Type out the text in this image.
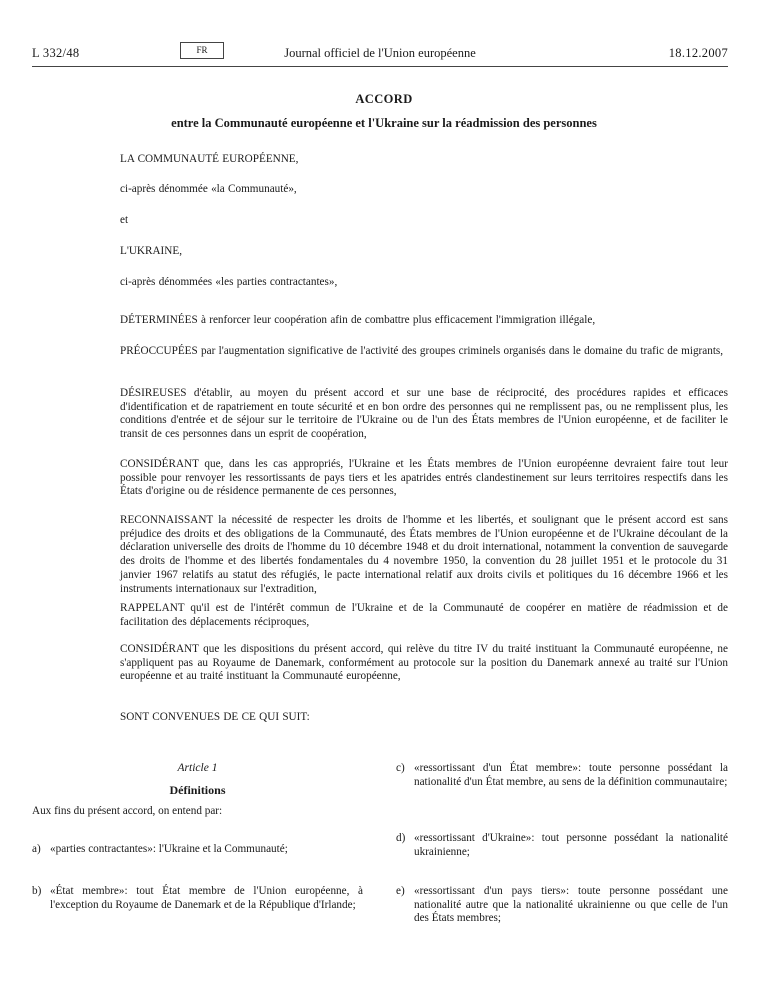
L 332/48	FR	Journal officiel de l'Union européenne	18.12.2007
ACCORD
entre la Communauté européenne et l'Ukraine sur la réadmission des personnes
LA COMMUNAUTÉ EUROPÉENNE,
ci-après dénommée «la Communauté»,
et
L'UKRAINE,
ci-après dénommées «les parties contractantes»,
DÉTERMINÉES à renforcer leur coopération afin de combattre plus efficacement l'immigration illégale,
PRÉOCCUPÉES par l'augmentation significative de l'activité des groupes criminels organisés dans le domaine du trafic de migrants,
DÉSIREUSES d'établir, au moyen du présent accord et sur une base de réciprocité, des procédures rapides et efficaces d'identification et de rapatriement en toute sécurité et en bon ordre des personnes qui ne remplissent pas, ou ne remplissent plus, les conditions d'entrée et de séjour sur le territoire de l'Ukraine ou de l'un des États membres de l'Union européenne, et de faciliter le transit de ces personnes dans un esprit de coopération,
CONSIDÉRANT que, dans les cas appropriés, l'Ukraine et les États membres de l'Union européenne devraient faire tout leur possible pour renvoyer les ressortissants de pays tiers et les apatrides entrés clandestinement sur leurs territoires respectifs dans les États d'origine ou de résidence permanente de ces personnes,
RECONNAISSANT la nécessité de respecter les droits de l'homme et les libertés, et soulignant que le présent accord est sans préjudice des droits et des obligations de la Communauté, des États membres de l'Union européenne et de l'Ukraine découlant de la déclaration universelle des droits de l'homme du 10 décembre 1948 et du droit international, notamment la convention de sauvegarde des droits de l'homme et des libertés fondamentales du 4 novembre 1950, la convention du 28 juillet 1951 et le protocole du 31 janvier 1967 relatifs au statut des réfugiés, le pacte international relatif aux droits civils et politiques du 16 décembre 1966 et les instruments internationaux sur l'extradition,
RAPPELANT qu'il est de l'intérêt commun de l'Ukraine et de la Communauté de coopérer en matière de réadmission et de facilitation des déplacements réciproques,
CONSIDÉRANT que les dispositions du présent accord, qui relève du titre IV du traité instituant la Communauté européenne, ne s'appliquent pas au Royaume de Danemark, conformément au protocole sur la position du Danemark annexé au traité sur l'Union européenne et au traité instituant la Communauté européenne,
SONT CONVENUES DE CE QUI SUIT:
Article 1
Définitions
Aux fins du présent accord, on entend par:
a) «parties contractantes»: l'Ukraine et la Communauté;
b) «État membre»: tout État membre de l'Union européenne, à l'exception du Royaume de Danemark et de la République d'Irlande;
c) «ressortissant d'un État membre»: toute personne possédant la nationalité d'un État membre, au sens de la définition communautaire;
d) «ressortissant d'Ukraine»: tout personne possédant la nationalité ukrainienne;
e) «ressortissant d'un pays tiers»: toute personne possédant une nationalité autre que la nationalité ukrainienne ou que celle de l'un des États membres;
